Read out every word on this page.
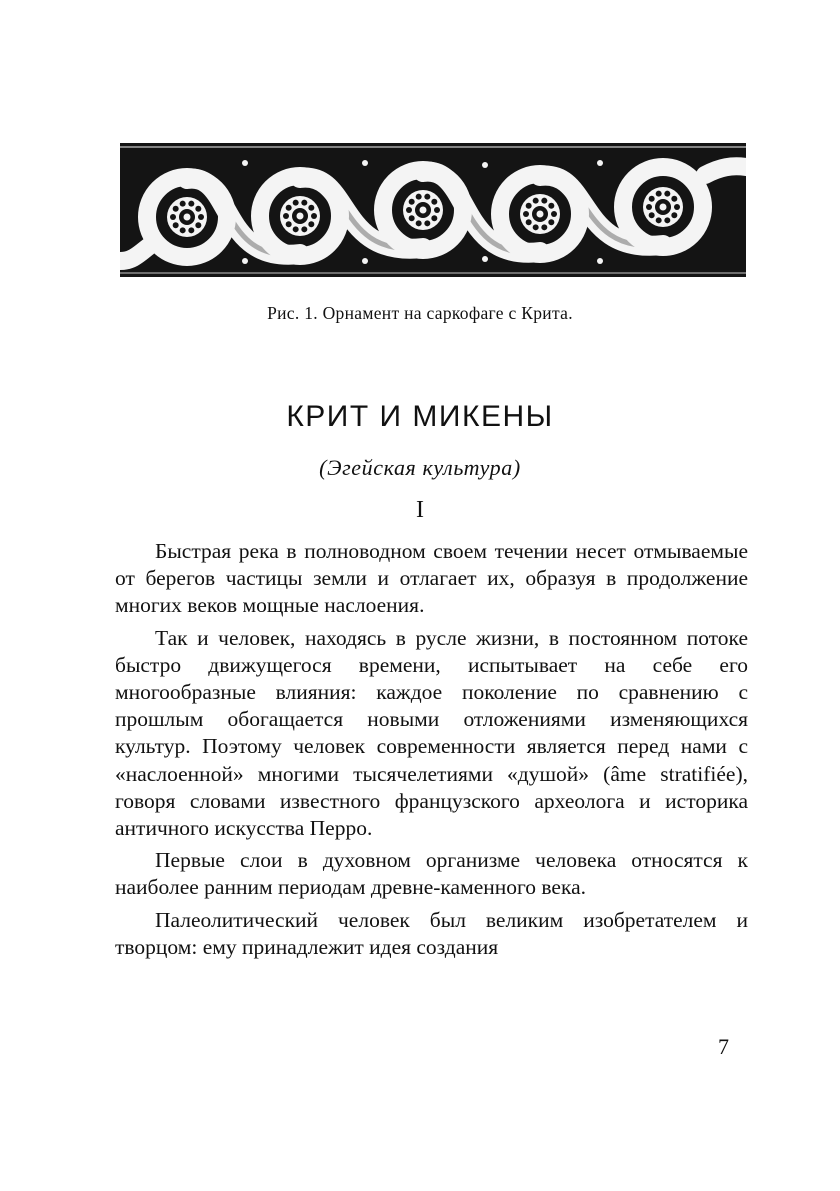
Рис. 1. Орнамент на саркофаге с Крита.
КРИТ И МИКЕНЫ
(Эгейская культура)
I

Быстрая река в полноводном своем течении несет отмываемые от берегов частицы земли и отлагает их, образуя в продолжение многих веков мощные наслоения.

Так и человек, находясь в русле жизни, в постоянном потоке быстро движущегося времени, испытывает на себе его многообразные влияния: каждое поколение по сравнению с прошлым обогащается новыми отложениями изменяющихся культур. Поэтому человек современности является перед нами с «наслоенной» многими тысячелетиями «душой» (âme stratifiée), говоря словами известного французского археолога и историка античного искусства Перро.

Первые слои в духовном организме человека относятся к наиболее ранним периодам древне-каменного века.

Палеолитический человек был великим изобретателем и творцом: ему принадлежит идея создания

7
